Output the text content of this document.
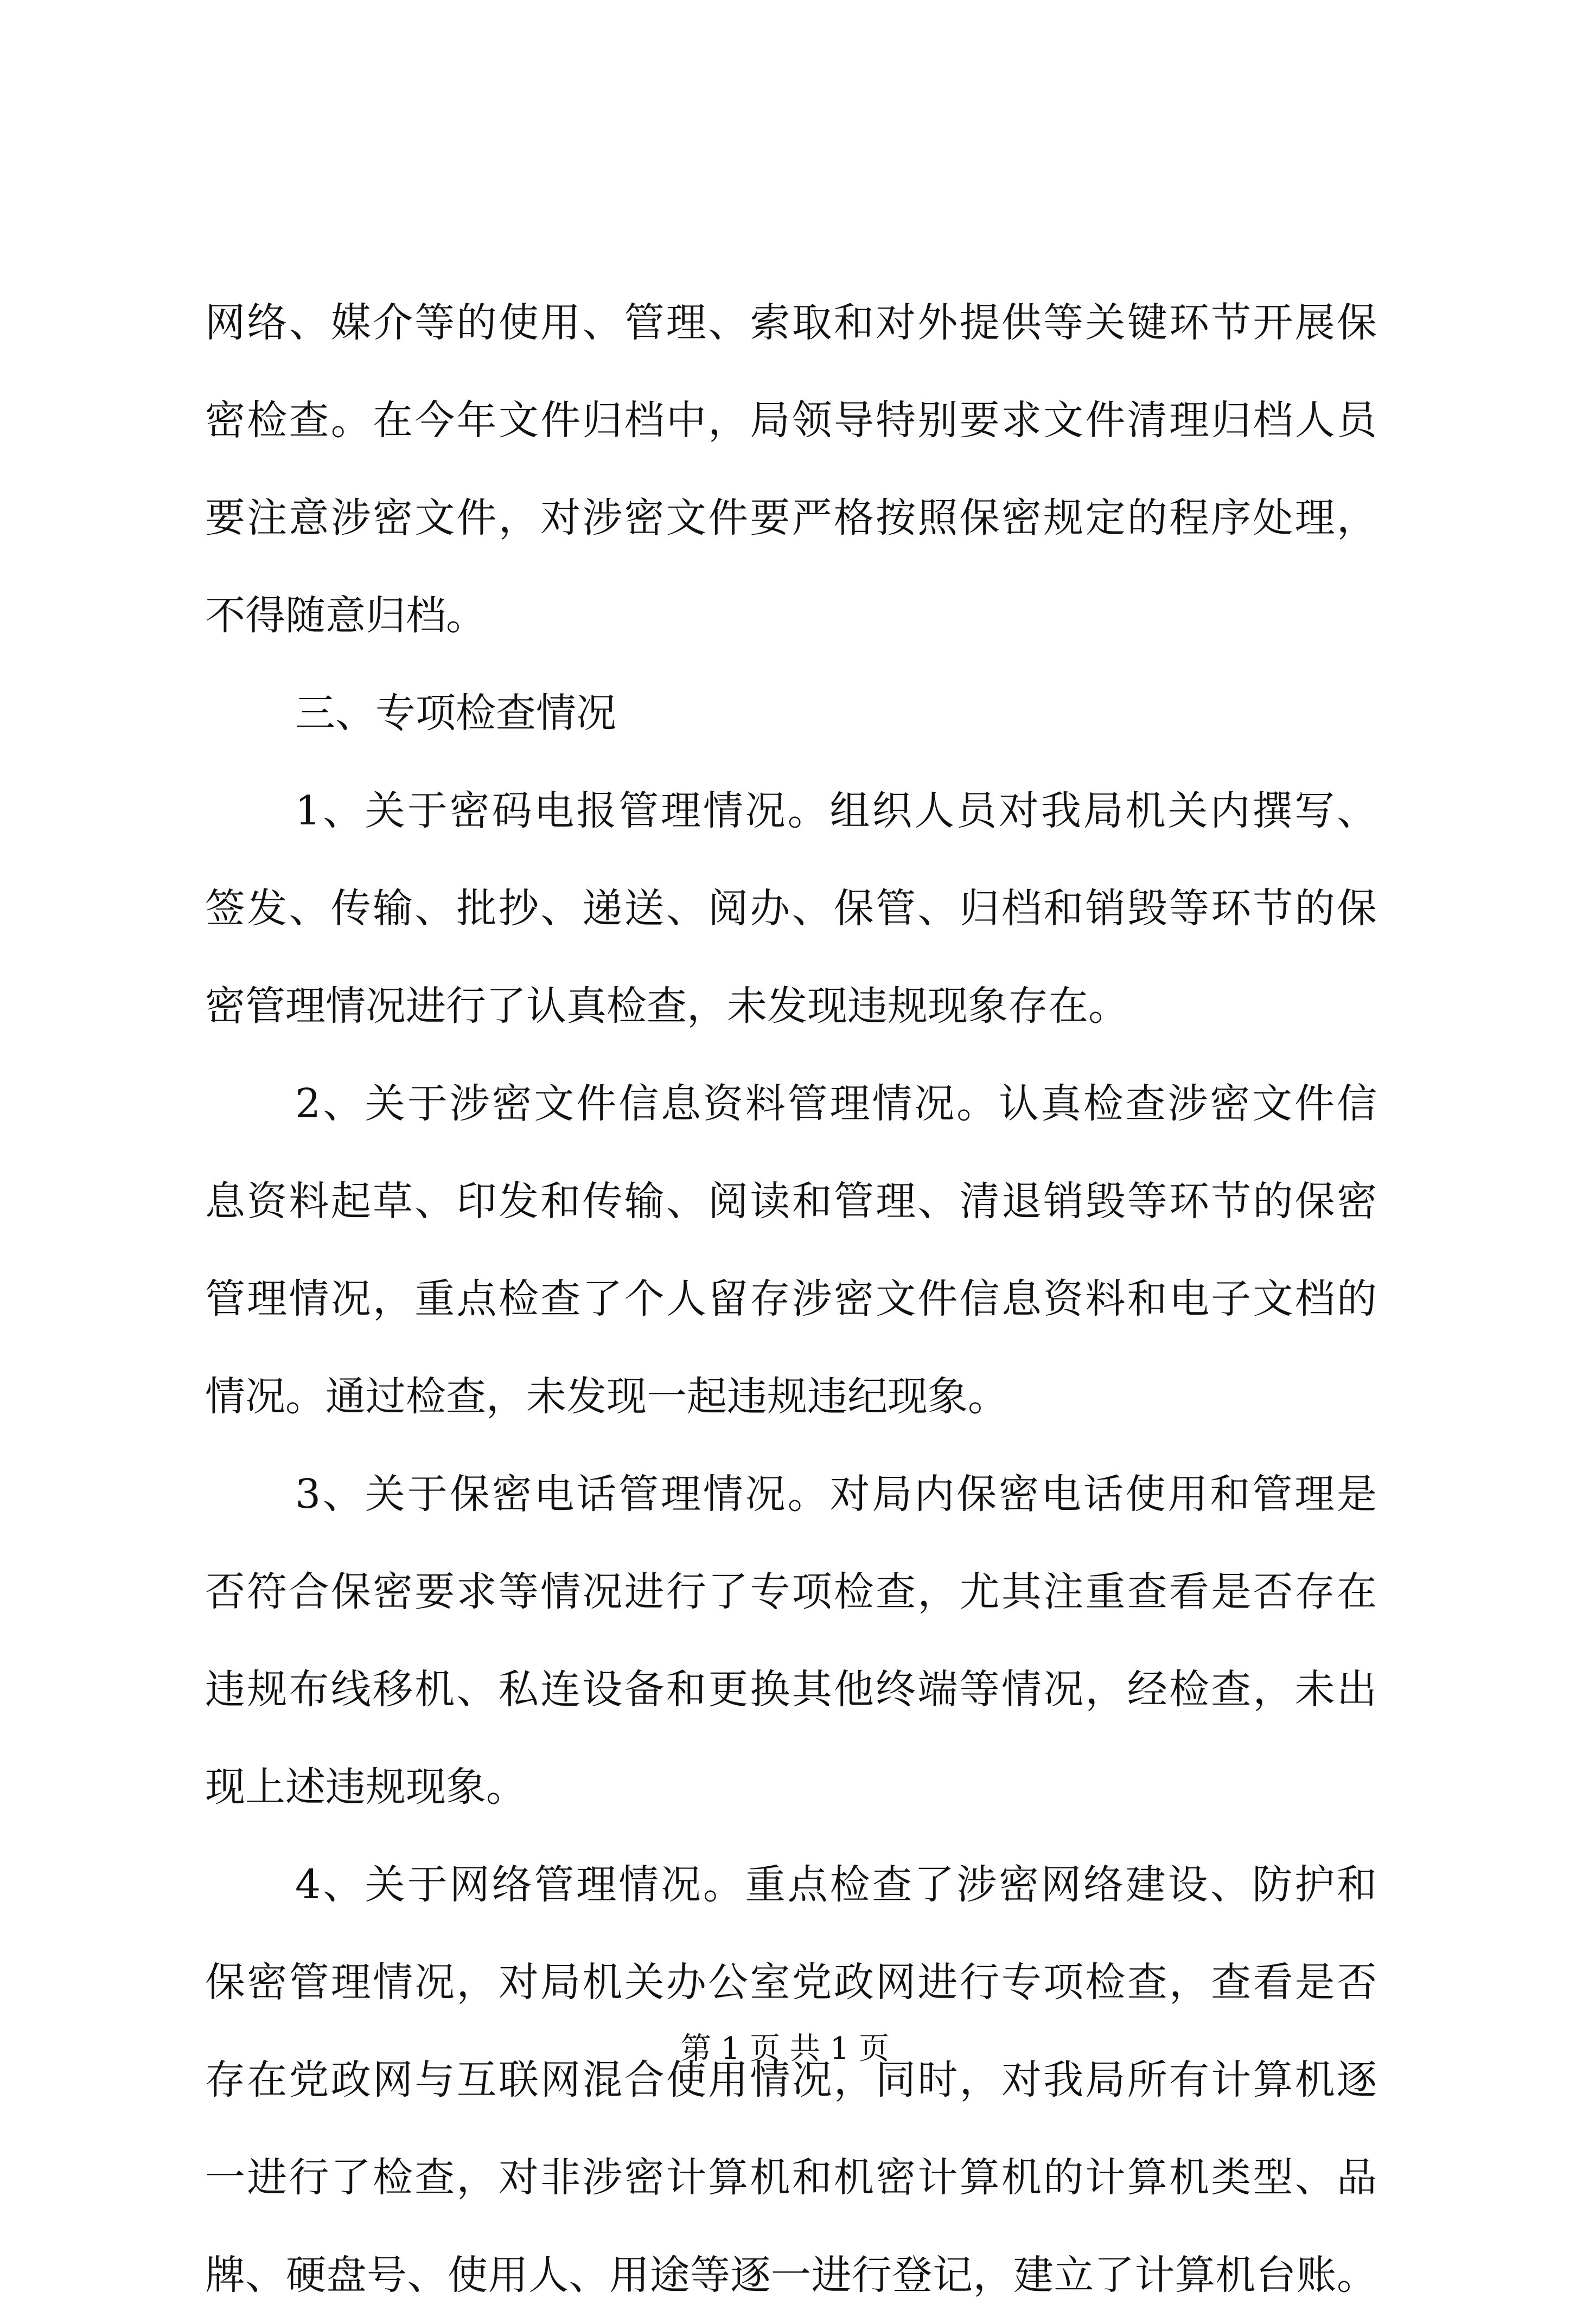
网络、媒介等的使用、管理、索取和对外提供等关键环节开展保
密检查。在今年文件归档中，局领导特别要求文件清理归档人员
要注意涉密文件，对涉密文件要严格按照保密规定的程序处理，
不得随意归档。
三、专项检查情况
1、关于密码电报管理情况。组织人员对我局机关内撰写、
签发、传输、批抄、递送、阅办、保管、归档和销毁等环节的保
密管理情况进行了认真检查，未发现违规现象存在。
2、关于涉密文件信息资料管理情况。认真检查涉密文件信
息资料起草、印发和传输、阅读和管理、清退销毁等环节的保密
管理情况，重点检查了个人留存涉密文件信息资料和电子文档的
情况。通过检查，未发现一起违规违纪现象。
3、关于保密电话管理情况。对局内保密电话使用和管理是
否符合保密要求等情况进行了专项检查，尤其注重查看是否存在
违规布线移机、私连设备和更换其他终端等情况，经检查，未出
现上述违规现象。
4、关于网络管理情况。重点检查了涉密网络建设、防护和
保密管理情况，对局机关办公室党政网进行专项检查，查看是否
存在党政网与互联网混合使用情况，同时，对我局所有计算机逐
一进行了检查，对非涉密计算机和机密计算机的计算机类型、品
牌、硬盘号、使用人、用途等逐一进行登记，建立了计算机台账。
第 1 页 共 1 页
